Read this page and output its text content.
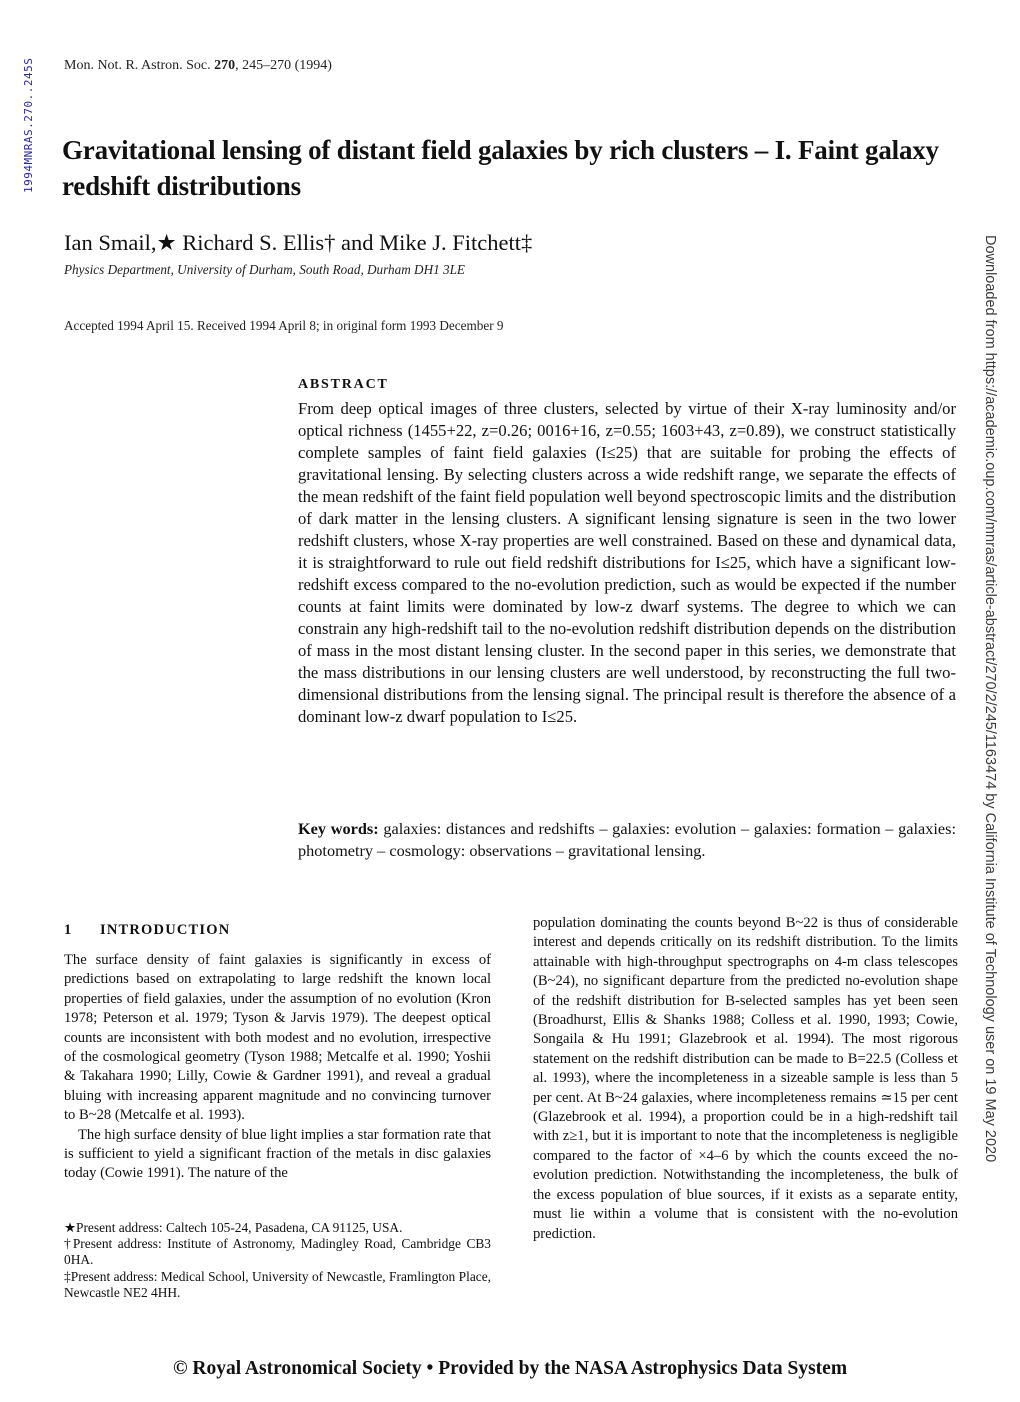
1994MNRAS.270..245S
Downloaded from https://academic.oup.com/mnras/article-abstract/270/2/245/1163474 by California Institute of Technology user on 19 May 2020
Mon. Not. R. Astron. Soc. 270, 245–270 (1994)
Gravitational lensing of distant field galaxies by rich clusters – I. Faint galaxy redshift distributions
Ian Smail,★ Richard S. Ellis† and Mike J. Fitchett‡
Physics Department, University of Durham, South Road, Durham DH1 3LE
Accepted 1994 April 15. Received 1994 April 8; in original form 1993 December 9
ABSTRACT

From deep optical images of three clusters, selected by virtue of their X-ray luminosity and/or optical richness (1455+22, z=0.26; 0016+16, z=0.55; 1603+43, z=0.89), we construct statistically complete samples of faint field galaxies (I≤25) that are suitable for probing the effects of gravitational lensing. By selecting clusters across a wide redshift range, we separate the effects of the mean redshift of the faint field population well beyond spectroscopic limits and the distribution of dark matter in the lensing clusters. A significant lensing signature is seen in the two lower redshift clusters, whose X-ray properties are well constrained. Based on these and dynamical data, it is straightforward to rule out field redshift distributions for I≤25, which have a significant low-redshift excess compared to the no-evolution prediction, such as would be expected if the number counts at faint limits were dominated by low-z dwarf systems. The degree to which we can constrain any high-redshift tail to the no-evolution redshift distribution depends on the distribution of mass in the most distant lensing cluster. In the second paper in this series, we demonstrate that the mass distributions in our lensing clusters are well understood, by reconstructing the full two-dimensional distributions from the lensing signal. The principal result is therefore the absence of a dominant low-z dwarf population to I≤25.

Key words: galaxies: distances and redshifts – galaxies: evolution – galaxies: formation – galaxies: photometry – cosmology: observations – gravitational lensing.

1 INTRODUCTION

The surface density of faint galaxies is significantly in excess of predictions based on extrapolating to large redshift the known local properties of field galaxies, under the assumption of no evolution (Kron 1978; Peterson et al. 1979; Tyson & Jarvis 1979). The deepest optical counts are inconsistent with both modest and no evolution, irrespective of the cosmological geometry (Tyson 1988; Metcalfe et al. 1990; Yoshii & Takahara 1990; Lilly, Cowie & Gardner 1991), and reveal a gradual bluing with increasing apparent magnitude and no convincing turnover to B~28 (Metcalfe et al. 1993).

The high surface density of blue light implies a star formation rate that is sufficient to yield a significant fraction of the metals in disc galaxies today (Cowie 1991). The nature of the

population dominating the counts beyond B~22 is thus of considerable interest and depends critically on its redshift distribution. To the limits attainable with high-throughput spectrographs on 4-m class telescopes (B~24), no significant departure from the predicted no-evolution shape of the redshift distribution for B-selected samples has yet been seen (Broadhurst, Ellis & Shanks 1988; Colless et al. 1990, 1993; Cowie, Songaila & Hu 1991; Glazebrook et al. 1994). The most rigorous statement on the redshift distribution can be made to B=22.5 (Colless et al. 1993), where the incompleteness in a sizeable sample is less than 5 per cent. At B~24 galaxies, where incompleteness remains ≃15 per cent (Glazebrook et al. 1994), a proportion could be in a high-redshift tail with z≥1, but it is important to note that the incompleteness is negligible compared to the factor of ×4–6 by which the counts exceed the no-evolution prediction. Notwithstanding the incompleteness, the bulk of the excess population of blue sources, if it exists as a separate entity, must lie within a volume that is consistent with the no-evolution prediction.

★Present address: Caltech 105-24, Pasadena, CA 91125, USA.
†Present address: Institute of Astronomy, Madingley Road, Cambridge CB3 0HA.
‡Present address: Medical School, University of Newcastle, Framlington Place, Newcastle NE2 4HH.
© Royal Astronomical Society • Provided by the NASA Astrophysics Data System
